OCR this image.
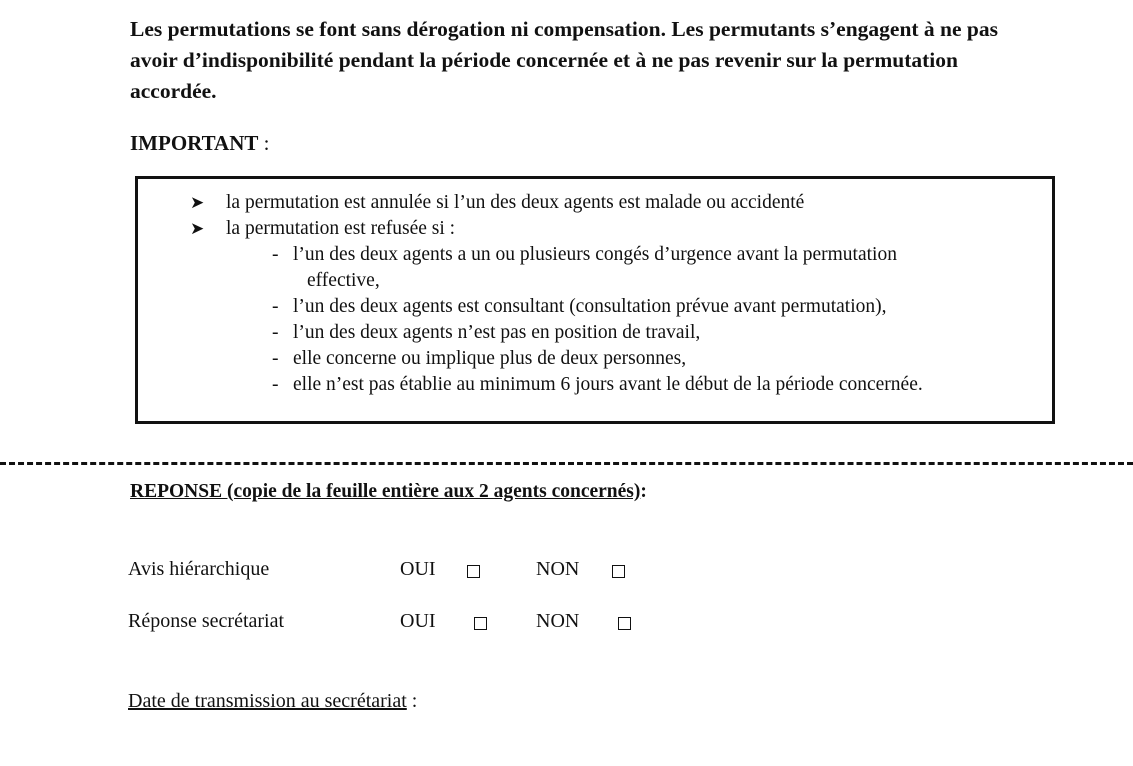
Les permutations se font sans dérogation ni compensation. Les permutants s’engagent à ne pas avoir d’indisponibilité pendant la période concernée et à ne pas revenir sur la permutation accordée.

IMPORTANT :

➤ la permutation est annulée si l’un des deux agents est malade ou accidenté
➤ la permutation est refusée si :
- l’un des deux agents a un ou plusieurs congés d’urgence avant la permutation
effective,
- l’un des deux agents est consultant (consultation prévue avant permutation),
- l’un des deux agents n’est pas en position de travail,
- elle concerne ou implique plus de deux personnes,
- elle n’est pas établie au minimum 6 jours avant le début de la période concernée.

REPONSE (copie de la feuille entière aux 2 agents concernés):

Avis hiérarchique	OUI	NON
Réponse secrétariat	OUI	NON

Date de transmission au secrétariat :
